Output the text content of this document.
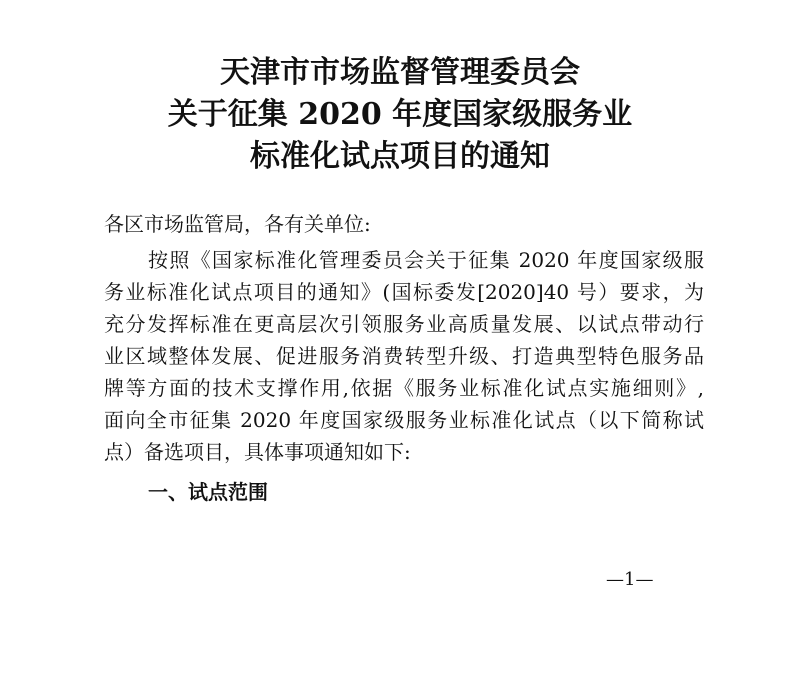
天津市市场监督管理委员会
关于征集 2020 年度国家级服务业
标准化试点项目的通知
各区市场监管局，各有关单位:
按照《国家标准化管理委员会关于征集 2020 年度国家级服
务业标准化试点项目的通知》(国标委发[2020]40 号）要求，为
充分发挥标准在更高层次引领服务业高质量发展、以试点带动行
业区域整体发展、促进服务消费转型升级、打造典型特色服务品
牌等方面的技术支撑作用,依据《服务业标准化试点实施细则》,
面向全市征集 2020 年度国家级服务业标准化试点（以下简称试
点）备选项目，具体事项通知如下:
一、试点范围
—1—
